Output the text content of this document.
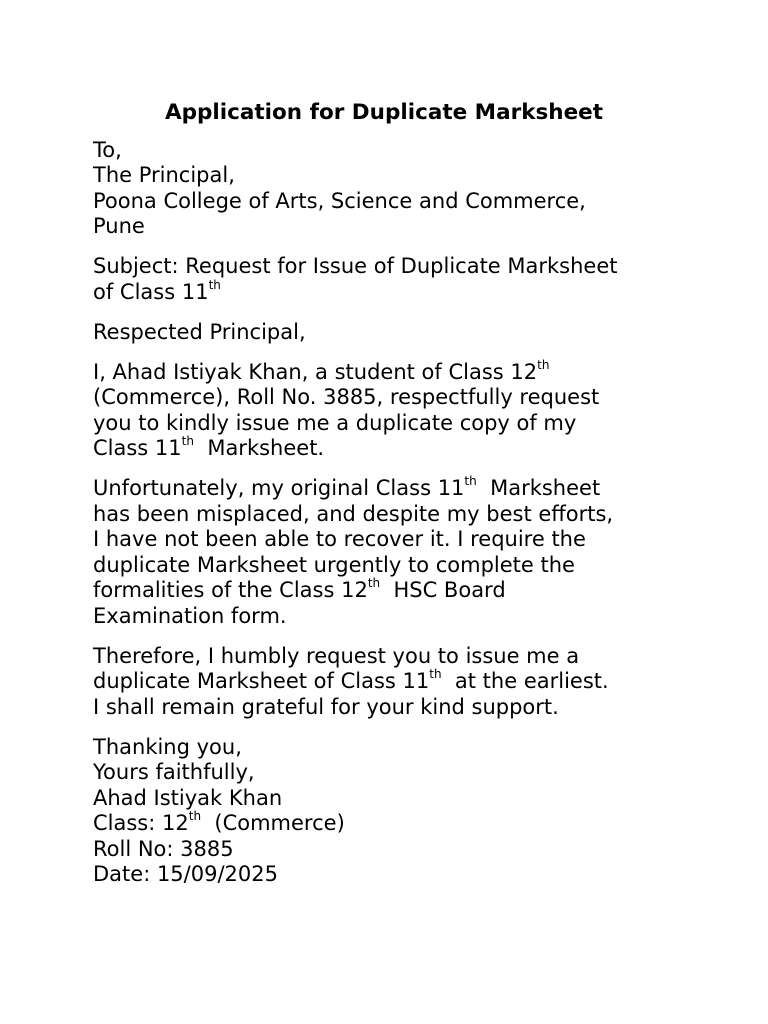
Application for Duplicate Marksheet
To,
The Principal,
Poona College of Arts, Science and Commerce,
Pune
Subject: Request for Issue of Duplicate Marksheet
of Class 11th
Respected Principal,
I, Ahad Istiyak Khan, a student of Class 12th
(Commerce), Roll No. 3885, respectfully request
you to kindly issue me a duplicate copy of my
Class 11th  Marksheet.
Unfortunately, my original Class 11th  Marksheet
has been misplaced, and despite my best efforts,
I have not been able to recover it. I require the
duplicate Marksheet urgently to complete the
formalities of the Class 12th  HSC Board
Examination form.
Therefore, I humbly request you to issue me a
duplicate Marksheet of Class 11th  at the earliest.
I shall remain grateful for your kind support.
Thanking you,
Yours faithfully,
Ahad Istiyak Khan
Class: 12th  (Commerce)
Roll No: 3885
Date: 15/09/2025
